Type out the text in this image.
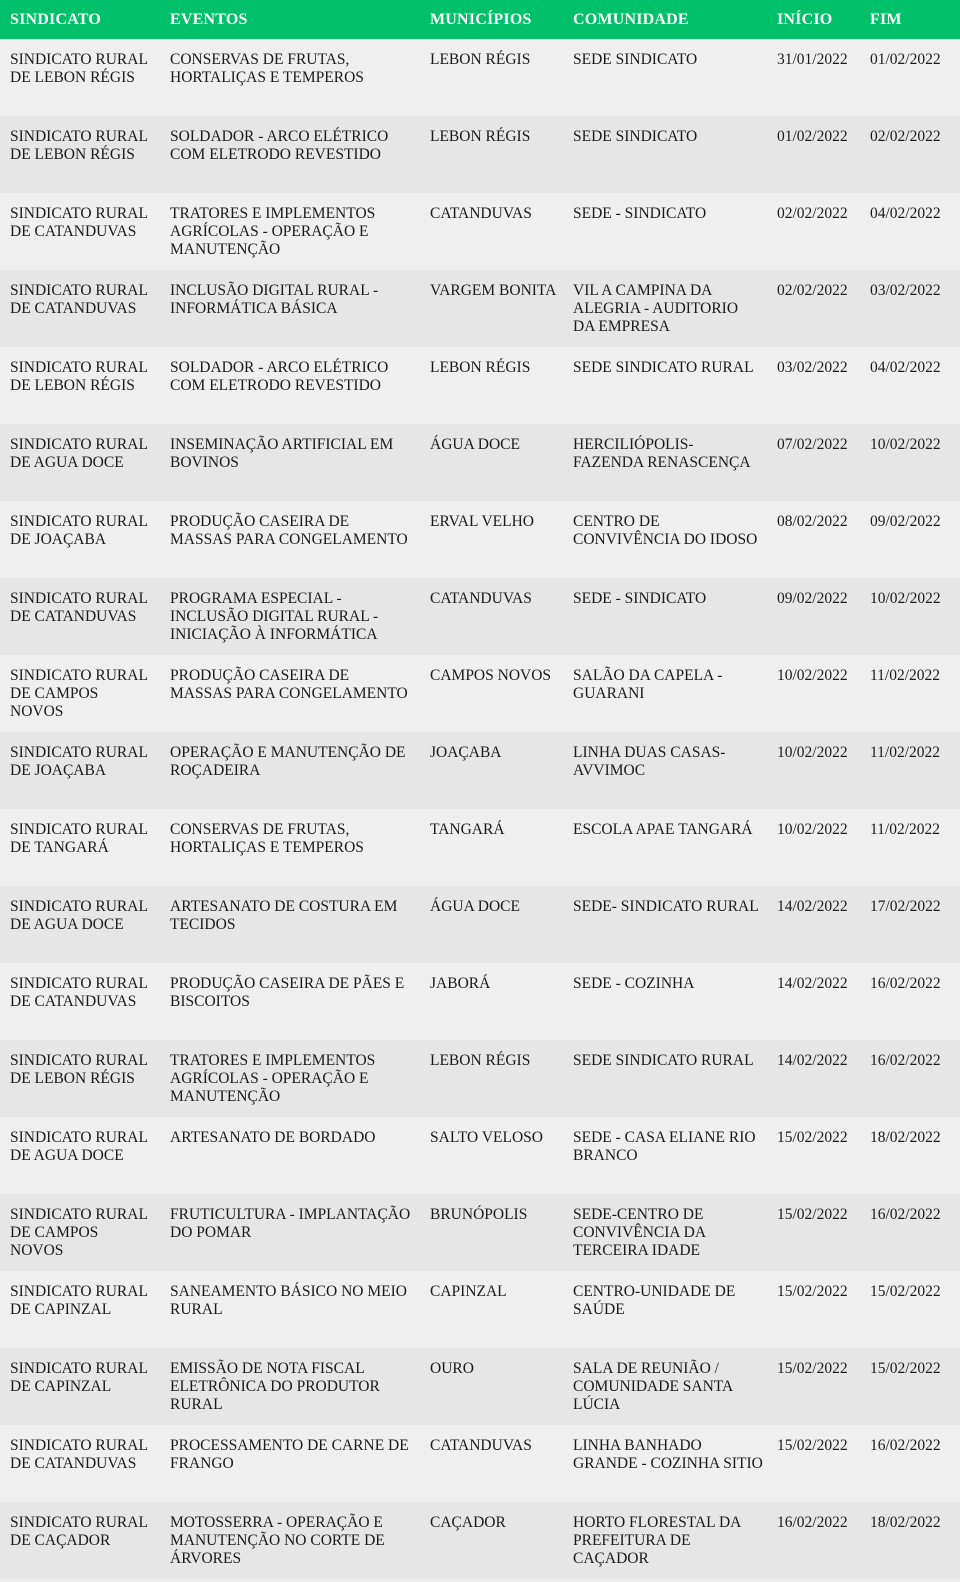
SINDICATO	EVENTOS	MUNICÍPIOS	COMUNIDADE	INÍCIO	FIM
SINDICATO RURAL DE LEBON RÉGIS	CONSERVAS DE FRUTAS, HORTALIÇAS E TEMPEROS	LEBON RÉGIS	SEDE SINDICATO	31/01/2022	01/02/2022
SINDICATO RURAL DE LEBON RÉGIS	SOLDADOR - ARCO ELÉTRICO COM ELETRODO REVESTIDO	LEBON RÉGIS	SEDE SINDICATO	01/02/2022	02/02/2022
SINDICATO RURAL DE CATANDUVAS	TRATORES E IMPLEMENTOS AGRÍCOLAS - OPERAÇÃO E MANUTENÇÃO	CATANDUVAS	SEDE - SINDICATO	02/02/2022	04/02/2022
SINDICATO RURAL DE CATANDUVAS	INCLUSÃO DIGITAL RURAL - INFORMÁTICA BÁSICA	VARGEM BONITA	VIL A CAMPINA DA ALEGRIA - AUDITORIO DA EMPRESA	02/02/2022	03/02/2022
SINDICATO RURAL DE LEBON RÉGIS	SOLDADOR - ARCO ELÉTRICO COM ELETRODO REVESTIDO	LEBON RÉGIS	SEDE SINDICATO RURAL	03/02/2022	04/02/2022
SINDICATO RURAL DE AGUA DOCE	INSEMINAÇÃO ARTIFICIAL EM BOVINOS	ÁGUA DOCE	HERCILIÓPOLIS- FAZENDA RENASCENÇA	07/02/2022	10/02/2022
SINDICATO RURAL DE JOAÇABA	PRODUÇÃO CASEIRA DE MASSAS PARA CONGELAMENTO	ERVAL VELHO	CENTRO DE CONVIVÊNCIA DO IDOSO	08/02/2022	09/02/2022
SINDICATO RURAL DE CATANDUVAS	PROGRAMA ESPECIAL - INCLUSÃO DIGITAL RURAL - INICIAÇÃO À INFORMÁTICA	CATANDUVAS	SEDE - SINDICATO	09/02/2022	10/02/2022
SINDICATO RURAL DE CAMPOS NOVOS	PRODUÇÃO CASEIRA DE MASSAS PARA CONGELAMENTO	CAMPOS NOVOS	SALÃO DA CAPELA - GUARANI	10/02/2022	11/02/2022
SINDICATO RURAL DE JOAÇABA	OPERAÇÃO E MANUTENÇÃO DE ROÇADEIRA	JOAÇABA	LINHA DUAS CASAS- AVVIMOC	10/02/2022	11/02/2022
SINDICATO RURAL DE TANGARÁ	CONSERVAS DE FRUTAS, HORTALIÇAS E TEMPEROS	TANGARÁ	ESCOLA APAE TANGARÁ	10/02/2022	11/02/2022
SINDICATO RURAL DE AGUA DOCE	ARTESANATO DE COSTURA EM TECIDOS	ÁGUA DOCE	SEDE- SINDICATO RURAL	14/02/2022	17/02/2022
SINDICATO RURAL DE CATANDUVAS	PRODUÇÃO CASEIRA DE PÃES E BISCOITOS	JABORÁ	SEDE - COZINHA	14/02/2022	16/02/2022
SINDICATO RURAL DE LEBON RÉGIS	TRATORES E IMPLEMENTOS AGRÍCOLAS - OPERAÇÃO E MANUTENÇÃO	LEBON RÉGIS	SEDE SINDICATO RURAL	14/02/2022	16/02/2022
SINDICATO RURAL DE AGUA DOCE	ARTESANATO DE BORDADO	SALTO VELOSO	SEDE - CASA ELIANE RIO BRANCO	15/02/2022	18/02/2022
SINDICATO RURAL DE CAMPOS NOVOS	FRUTICULTURA - IMPLANTAÇÃO DO POMAR	BRUNÓPOLIS	SEDE-CENTRO DE CONVIVÊNCIA DA TERCEIRA IDADE	15/02/2022	16/02/2022
SINDICATO RURAL DE CAPINZAL	SANEAMENTO BÁSICO NO MEIO RURAL	CAPINZAL	CENTRO-UNIDADE DE SAÚDE	15/02/2022	15/02/2022
SINDICATO RURAL DE CAPINZAL	EMISSÃO DE NOTA FISCAL ELETRÔNICA DO PRODUTOR RURAL	OURO	SALA DE REUNIÃO / COMUNIDADE SANTA LÚCIA	15/02/2022	15/02/2022
SINDICATO RURAL DE CATANDUVAS	PROCESSAMENTO DE CARNE DE FRANGO	CATANDUVAS	LINHA BANHADO GRANDE - COZINHA SITIO	15/02/2022	16/02/2022
SINDICATO RURAL DE CAÇADOR	MOTOSSERRA - OPERAÇÃO E MANUTENÇÃO NO CORTE DE ÁRVORES	CAÇADOR	HORTO FLORESTAL DA PREFEITURA DE CAÇADOR	16/02/2022	18/02/2022
